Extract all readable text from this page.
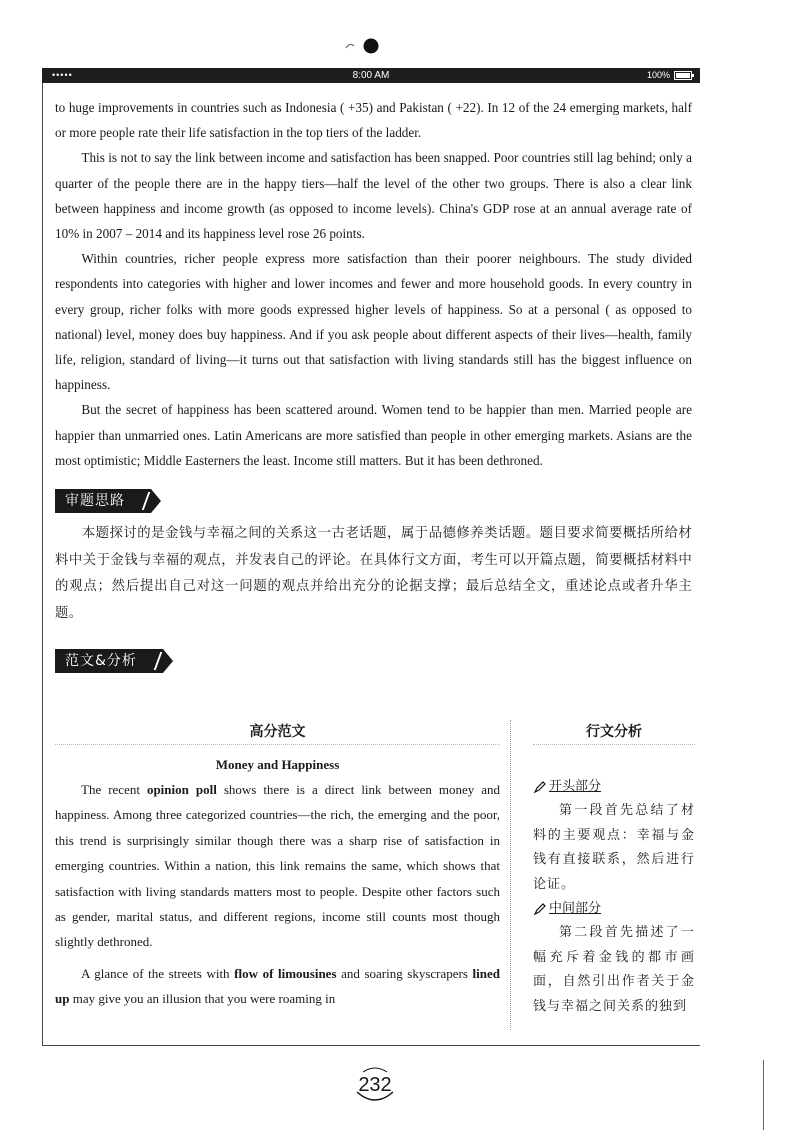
•••••	8:00 AM	100%

to huge improvements in countries such as Indonesia ( +35) and Pakistan ( +22). In 12 of the 24 emerging markets, half or more people rate their life satisfaction in the top tiers of the ladder.

This is not to say the link between income and satisfaction has been snapped. Poor countries still lag behind; only a quarter of the people there are in the happy tiers—half the level of the other two groups. There is also a clear link between happiness and income growth (as opposed to income levels). China's GDP rose at an annual average rate of 10% in 2007 – 2014 and its happiness level rose 26 points.

Within countries, richer people express more satisfaction than their poorer neighbours. The study divided respondents into categories with higher and lower incomes and fewer and more household goods. In every country in every group, richer folks with more goods expressed higher levels of happiness. So at a personal ( as opposed to national) level, money does buy happiness. And if you ask people about different aspects of their lives—health, family life, religion, standard of living—it turns out that satisfaction with living standards still has the biggest influence on happiness.

But the secret of happiness has been scattered around. Women tend to be happier than men. Married people are happier than unmarried ones. Latin Americans are more satisfied than people in other emerging markets. Asians are the most optimistic; Middle Easterners the least. Income still matters. But it has been dethroned.

审题思路

本题探讨的是金钱与幸福之间的关系这一古老话题，属于品德修养类话题。题目要求简要概括所给材料中关于金钱与幸福的观点，并发表自己的评论。在具体行文方面，考生可以开篇点题，简要概括材料中的观点；然后提出自己对这一问题的观点并给出充分的论据支撑；最后总结全文，重述论点或者升华主题。

范文&分析
高分范文
Money and Happiness

The recent opinion poll shows there is a direct link between money and happiness. Among three categorized countries—the rich, the emerging and the poor, this trend is surprisingly similar though there was a sharp rise of satisfaction in emerging countries. Within a nation, this link remains the same, which shows that satisfaction with living standards matters most to people. Despite other factors such as gender, marital status, and different regions, income still counts most though slightly dethroned.

A glance of the streets with flow of limousines and soaring skyscrapers lined up may give you an illusion that you were roaming in

行文分析
开头部分

第一段首先总结了材料的主要观点：幸福与金钱有直接联系，然后进行论证。

中间部分

第二段首先描述了一幅充斥着金钱的都市画面，自然引出作者关于金钱与幸福之间关系的独到

232
